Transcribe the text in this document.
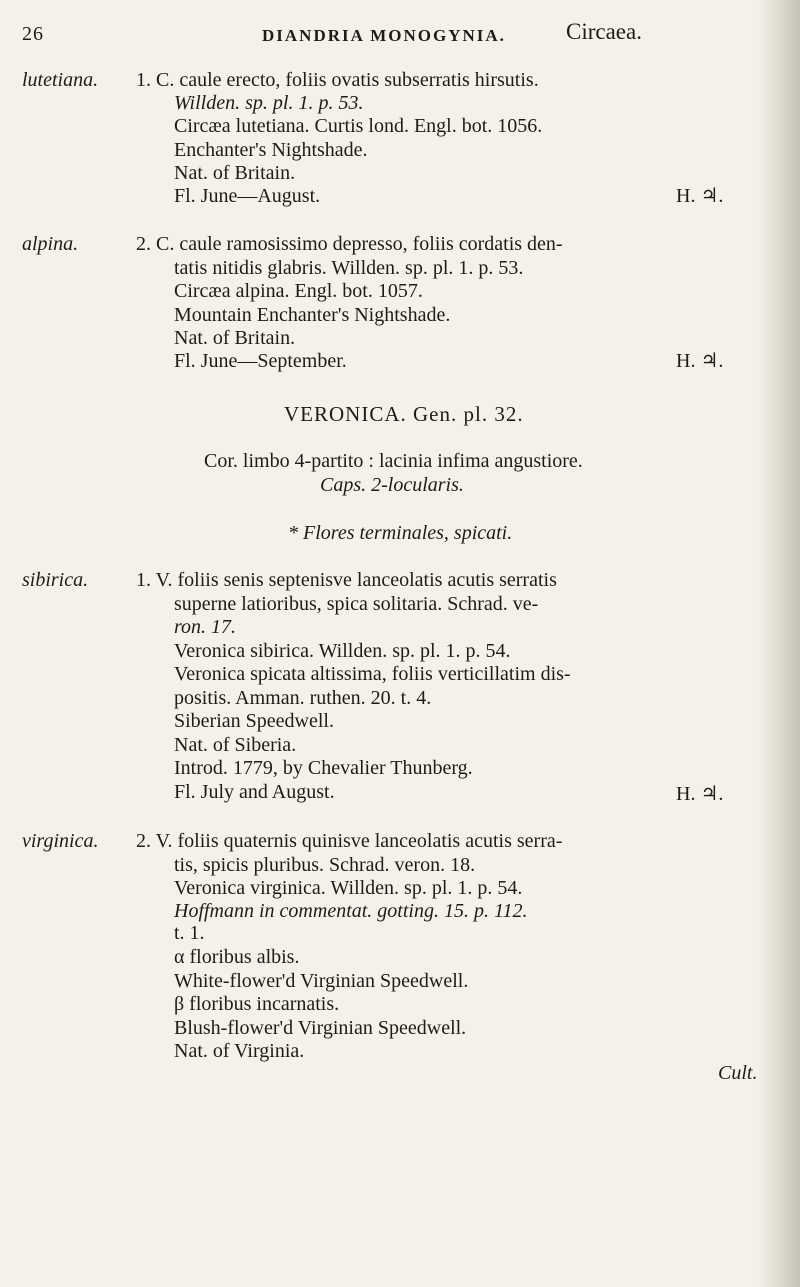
26	DIANDRIA MONOGYNIA.	Circaea.
lutetiana. 1. C. caule erecto, foliis ovatis subserratis hirsutis.
Willden. sp. pl. 1. p. 53.
Circæa lutetiana. Curtis lond. Engl. bot. 1056.
Enchanter's Nightshade.
Nat. of Britain.
Fl. June—August.	H. ♃.
alpina.	2. C. caule ramosissimo depresso, foliis cordatis den-
tatis nitidis glabris. Willden. sp. pl. 1. p. 53.
Circæa alpina. Engl. bot. 1057.
Mountain Enchanter's Nightshade.
Nat. of Britain.
Fl. June—September.	H. ♃.
VERONICA. Gen. pl. 32.
Cor. limbo 4-partito : lacinia infima angustiore.
Caps. 2-locularis.
* Flores terminales, spicati.
sibirica. 1. V. foliis senis septenisve lanceolatis acutis serratis
superne latioribus, spica solitaria. Schrad. ve-
ron. 17.
Veronica sibirica. Willden. sp. pl. 1. p. 54.
Veronica spicata altissima, foliis verticillatim dis-
positis. Amman. ruthen. 20. t. 4.
Siberian Speedwell.
Nat. of Siberia.
Introd. 1779, by Chevalier Thunberg.
Fl. July and August.	H. ♃.
virginica. 2. V. foliis quaternis quinisve lanceolatis acutis serra-
tis, spicis pluribus. Schrad. veron. 18.
Veronica virginica. Willden. sp. pl. 1. p. 54.
Hoffmann in commentat. gotting. 15. p. 112.
t. 1.
α floribus albis.
White-flower'd Virginian Speedwell.
β floribus incarnatis.
Blush-flower'd Virginian Speedwell.
Nat. of Virginia.
Cult.
